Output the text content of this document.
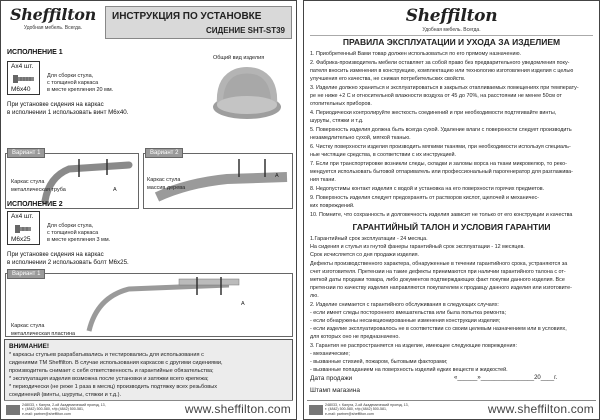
Sheffilton
Удобная мебель. Всегда.
ИНСТРУКЦИЯ ПО УСТАНОВКЕ
СИДЕНИЕ SHT-ST39
ИСПОЛНЕНИЕ 1
Ах4 шт.
М6х40
Для сборки стула,
с толщиной каркаса
в месте крепления 20 мм.
При установке сидения на каркас
в исполнении 1 использовать винт М6х40.
Общий вид изделия
Вариант 1
A
Каркас стула
металлическая труба
Вариант 2
A
Каркас стула
массив дерева
ИСПОЛНЕНИЕ 2
Ах4 шт.
М6х25
Для сборки стула,
с толщиной каркаса
в месте крепления 3 мм.
При установке сидения на каркас
в исполнении 2 использовать болт М6х25.
Вариант 1
A
Каркас стула
металлическая пластина
ВНИМАНИЕ!
* каркасы стульев разрабатывались и тестировались для использования с
сидениями ТМ Sheffilton. В случае использования каркасов с другими сидениями,
производитель снимает с себя ответственность и гарантийные обязательства;
* эксплуатация изделия возможна после установки и затяжки всего крепежа;
* периодически (не реже 1 раза в месяц) производить подтяжку всех резьбовых
соединений (винты, шурупы, стяжки и т.д.).
248033, г. Калуга, 2-ой Академический проезд, 13,
т. (4842) 500-580, т/ф (4842) 500-581,
e-mail: partner@sheffilton.com	www.sheffilton.com
Sheffilton
Удобная мебель. Всегда.
ПРАВИЛА ЭКСПЛУАТАЦИИ И УХОДА ЗА ИЗДЕЛИЕМ
1. Приобретенный Вами товар должен использоваться по его прямому назначению.
2. Фабрика-производитель мебели оставляет за собой право без предварительного уведомления поку-
пателя вносить изменения в конструкцию, комплектацию или технологию изготовления изделия с целью
улучшения его качества, не снижая потребительских свойств.
3. Изделие должно храниться и эксплуатироваться в закрытых отапливаемых помещениях при температу-
ре не ниже +2 С и относительной влажности воздуха от 45 до 70%, на расстоянии не менее 50см от
отопительных приборов.
4. Периодически контролируйте жесткость соединений и при необходимости подтягивайте винты,
шурупы, стяжки и т.д.
5. Поверхность изделия должна быть всегда сухой. Удаление влаги с поверхности следует производить
незамедлительно сухой, мягкой тканью.
6. Чистку поверхности изделия производить мягкими тканями, при необходимости используя специаль-
ные чистящие средства, в соответствии с их инструкцией.
7. Если при транспортировке возникли следы, складки и заломы ворса на ткани микровелюр, то реко-
мендуется использовать бытовой отпариватель или профессиональный парогенератор для разглажива-
ния ткани.
8. Недопустимы контакт изделия с водой и установка на его поверхности горячих предметов.
9. Поверхность изделия следует предохранять от растворов кислот, щелочей и механичес-
ких повреждений.
10. Помните, что сохранность и долговечность изделия зависит не только от его конструкции и качества
ГАРАНТИЙНЫЙ ТАЛОН И УСЛОВИЯ ГАРАНТИИ
1.Гарантийный срок эксплуатации - 24 месяца.
На сидения и стулья из гнутой фанеры гарантийный срок эксплуатации - 12 месяцев.
Срок исчисляется со дня продажи изделия.
Дефекты производственного характера, обнаруженные в течении гарантийного срока, устраняются за
счет изготовителя. Претензии на такие дефекты принимаются при наличии гарантийного талона с от-
меткой даты продажи товара, либо документов подтверждающих факт покупки данного изделия. Все
претензии по качеству изделия направляются покупателем к продавцу данного изделия или изготовите-
лю.
2. Изделие снимается с гарантийного обслуживания в следующих случаях:
- если имеет следы постороннего вмешательства или была попытка ремонта;
- если обнаружены несанкционированные изменения конструкции изделия;
- если изделие эксплуатировалось не в соответствии со своим целевым назначением или в условиях,
для которых оно не предназначено.
3. Гарантия не распространяется на изделие, имеющее следующие повреждения:
- механические;
- вызванные стихией, пожаром, бытовыми факторами;
- вызванные попаданием на поверхность изделий едких веществ и жидкостей.
Дата продажи	«______»________________20____г.
Штамп магазина
248033, г. Калуга, 2-ой Академический проезд, 13,
т. (4842) 500-580, т/ф (4842) 500-581,
e-mail: partner@sheffilton.com	www.sheffilton.com
